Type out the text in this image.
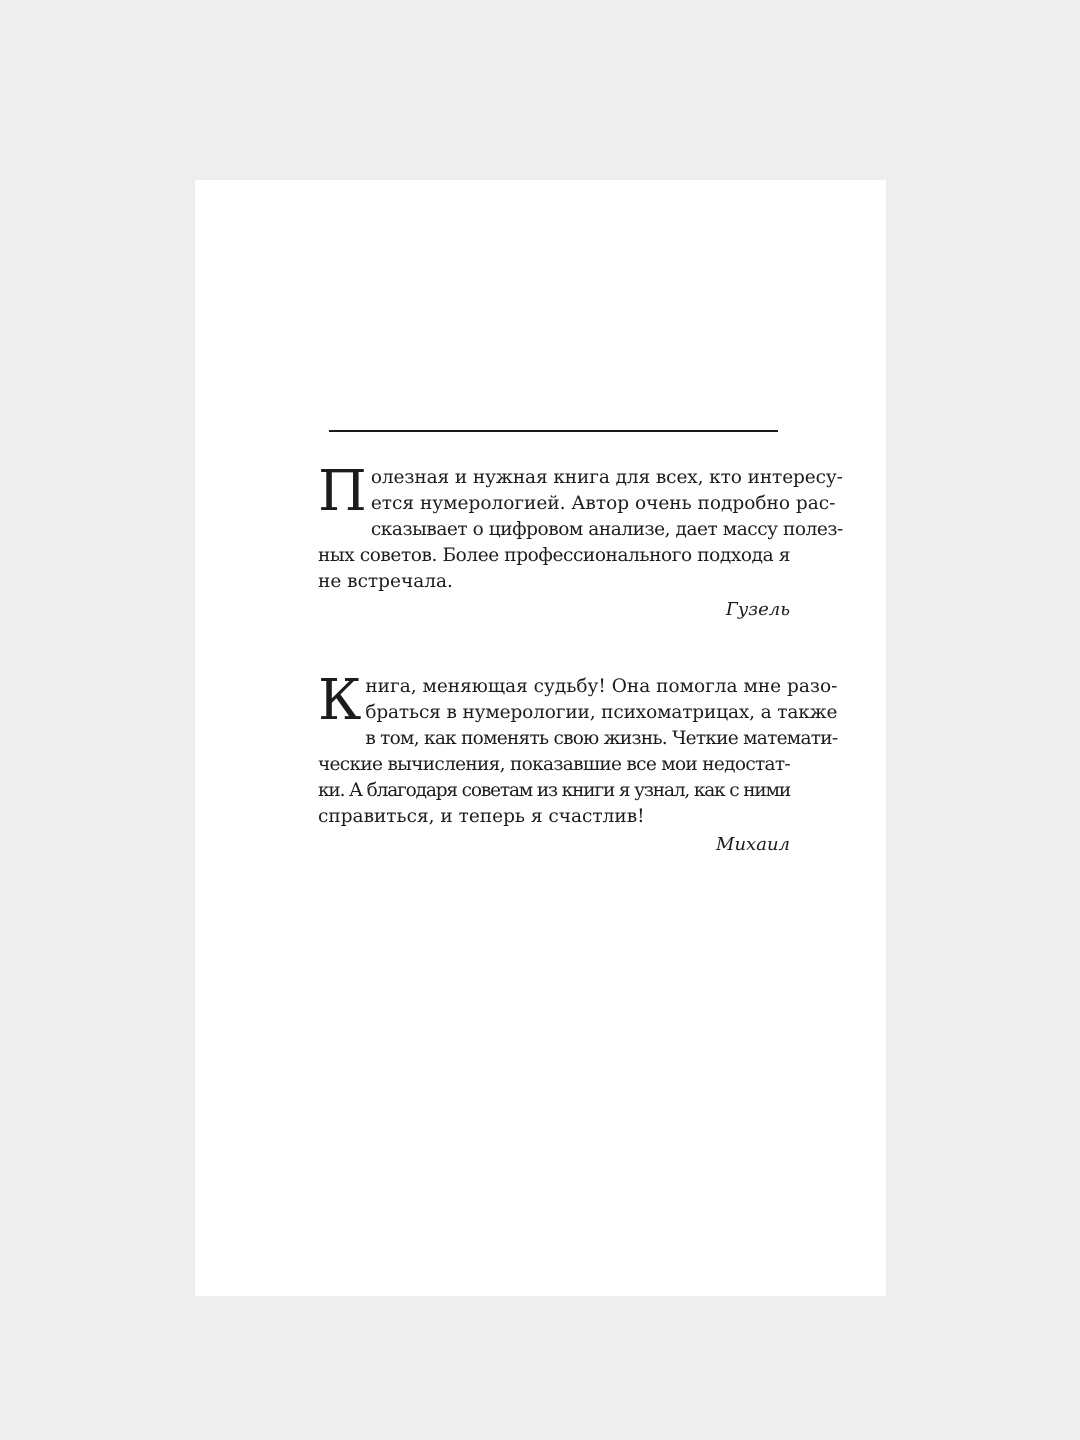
П олезная и нужная книга для всех, кто интересу-
ется нумерологией. Автор очень подробно рас-
сказывает о цифровом анализе, дает массу полез-
ных советов. Более профессионального подхода я
не встречала.
Гузель
К нига, меняющая судьбу! Она помогла мне разо-
браться в нумерологии, психоматрицах, а также
в том, как поменять свою жизнь. Четкие математи-
ческие вычисления, показавшие все мои недостат-
ки. А благодаря советам из книги я узнал, как с ними
справиться, и теперь я счастлив!
Михаил
